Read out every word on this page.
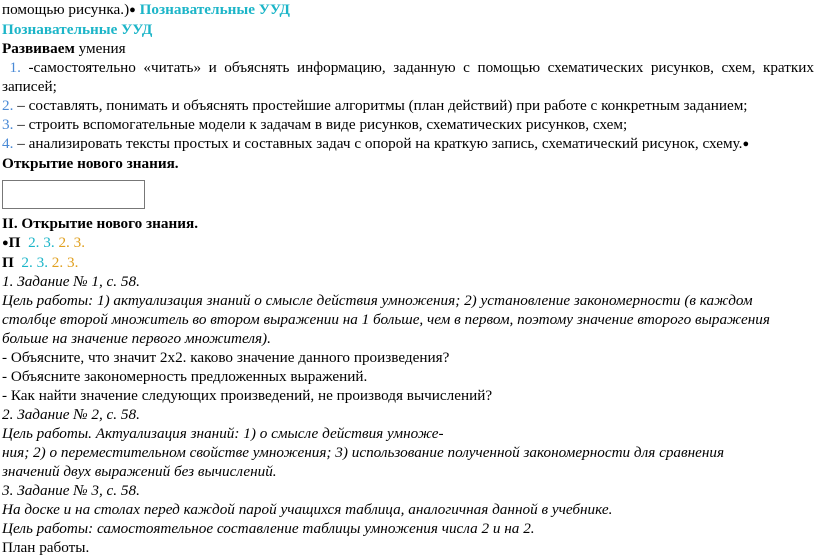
помощью рисунка.)● Познавательные УУД
Познавательные УУД
Развиваем умения
1. -самостоятельно «читать» и объяснять информацию, заданную с помощью схематических рисунков, схем, кратких
записей;
2. – составлять, понимать и объяснять простейшие алгоритмы (план действий) при работе с конкретным заданием;
3. – строить вспомогательные модели к задачам в виде рисунков, схематических рисунков, схем;
4. – анализировать тексты простых и составных задач с опорой на краткую запись, схематический рисунок, схему.●
Открытие нового знания.
II. Открытие нового знания.
●П 2. 3. 2. 3.
П 2. 3. 2. 3.
1. Задание № 1, с. 58.
Цель работы: 1) актуализация знаний о смысле действия умножения; 2) установление закономерности (в каждом
столбце второй множитель во втором выражении на 1 больше, чем в первом, поэтому значение второго выражения
больше на значение первого множителя).
- Объясните, что значит 2х2. каково значение данного произведения?
- Объясните закономерность предложенных выражений.
- Как найти значение следующих произведений, не производя вычислений?
2. Задание № 2, с. 58.
Цель работы. Актуализация знаний: 1) о смысле действия умноже-
ния; 2) о переместительном свойстве умножения; 3) использование полученной закономерности для сравнения
значений двух выражений без вычислений.
3. Задание № 3, с. 58.
На доске и на столах перед каждой парой учащихся таблица, аналогичная данной в учебнике.
Цель работы: самостоятельное составление таблицы умножения числа 2 и на 2.
План работы.
